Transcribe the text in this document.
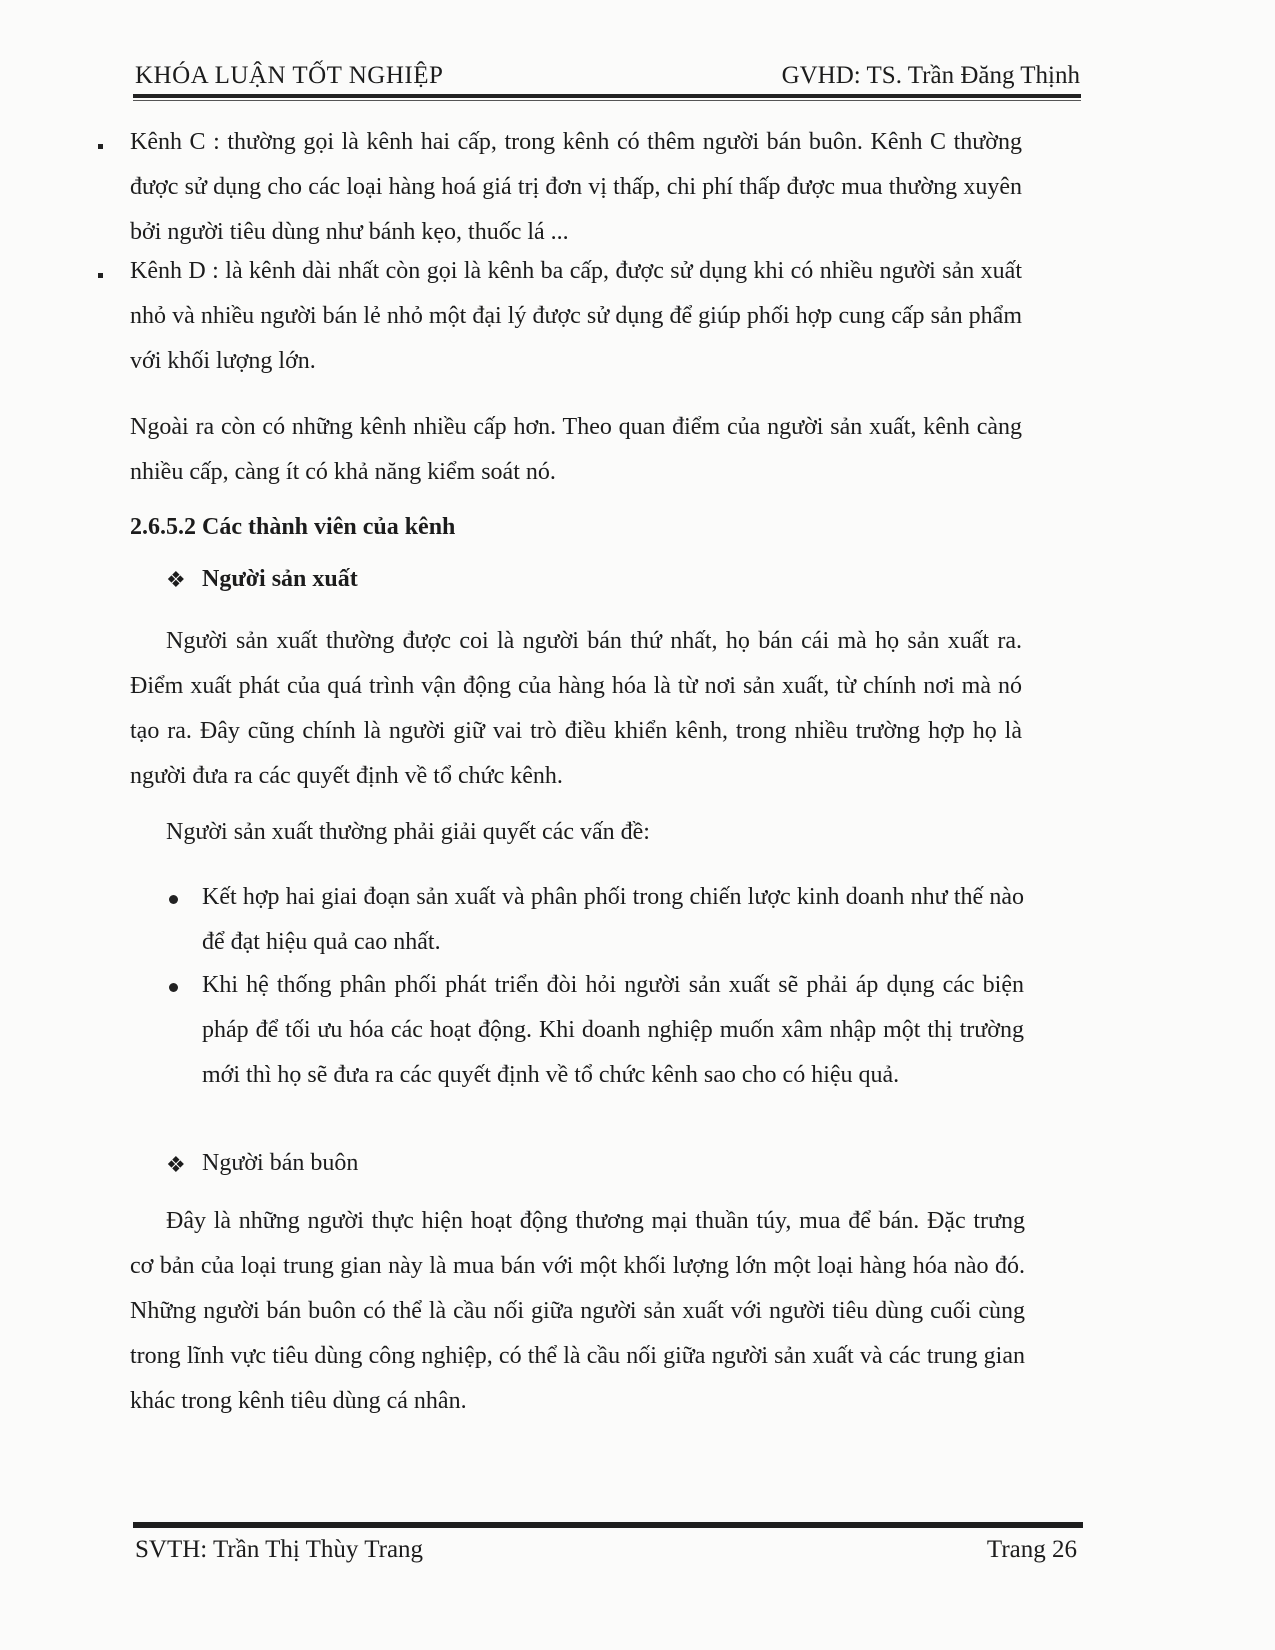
KHÓA LUẬN TỐT NGHIỆP	GVHD: TS. Trần Đăng Thịnh

Kênh C : thường gọi là kênh hai cấp, trong kênh có thêm người bán buôn. Kênh C thường được sử dụng cho các loại hàng hoá giá trị đơn vị thấp, chi phí thấp được mua thường xuyên bởi người tiêu dùng như bánh kẹo, thuốc lá ...

Kênh D : là kênh dài nhất còn gọi là kênh ba cấp, được sử dụng khi có nhiều người sản xuất nhỏ và nhiều người bán lẻ nhỏ một đại lý được sử dụng để giúp phối hợp cung cấp sản phẩm với khối lượng lớn.

Ngoài ra còn có những kênh nhiều cấp hơn. Theo quan điểm của người sản xuất, kênh càng nhiều cấp, càng ít có khả năng kiểm soát nó.

2.6.5.2 Các thành viên của kênh
❖ Người sản xuất

Người sản xuất thường được coi là người bán thứ nhất, họ bán cái mà họ sản xuất ra. Điểm xuất phát của quá trình vận động của hàng hóa là từ nơi sản xuất, từ chính nơi mà nó tạo ra. Đây cũng chính là người giữ vai trò điều khiển kênh, trong nhiều trường hợp họ là người đưa ra các quyết định về tổ chức kênh.

Người sản xuất thường phải giải quyết các vấn đề:

Kết hợp hai giai đoạn sản xuất và phân phối trong chiến lược kinh doanh như thế nào để đạt hiệu quả cao nhất.

Khi hệ thống phân phối phát triển đòi hỏi người sản xuất sẽ phải áp dụng các biện pháp để tối ưu hóa các hoạt động. Khi doanh nghiệp muốn xâm nhập một thị trường mới thì họ sẽ đưa ra các quyết định về tổ chức kênh sao cho có hiệu quả.

❖ Người bán buôn

Đây là những người thực hiện hoạt động thương mại thuần túy, mua để bán. Đặc trưng cơ bản của loại trung gian này là mua bán với một khối lượng lớn một loại hàng hóa nào đó. Những người bán buôn có thể là cầu nối giữa người sản xuất với người tiêu dùng cuối cùng trong lĩnh vực tiêu dùng công nghiệp, có thể là cầu nối giữa người sản xuất và các trung gian khác trong kênh tiêu dùng cá nhân.

SVTH: Trần Thị Thùy Trang	Trang 26
